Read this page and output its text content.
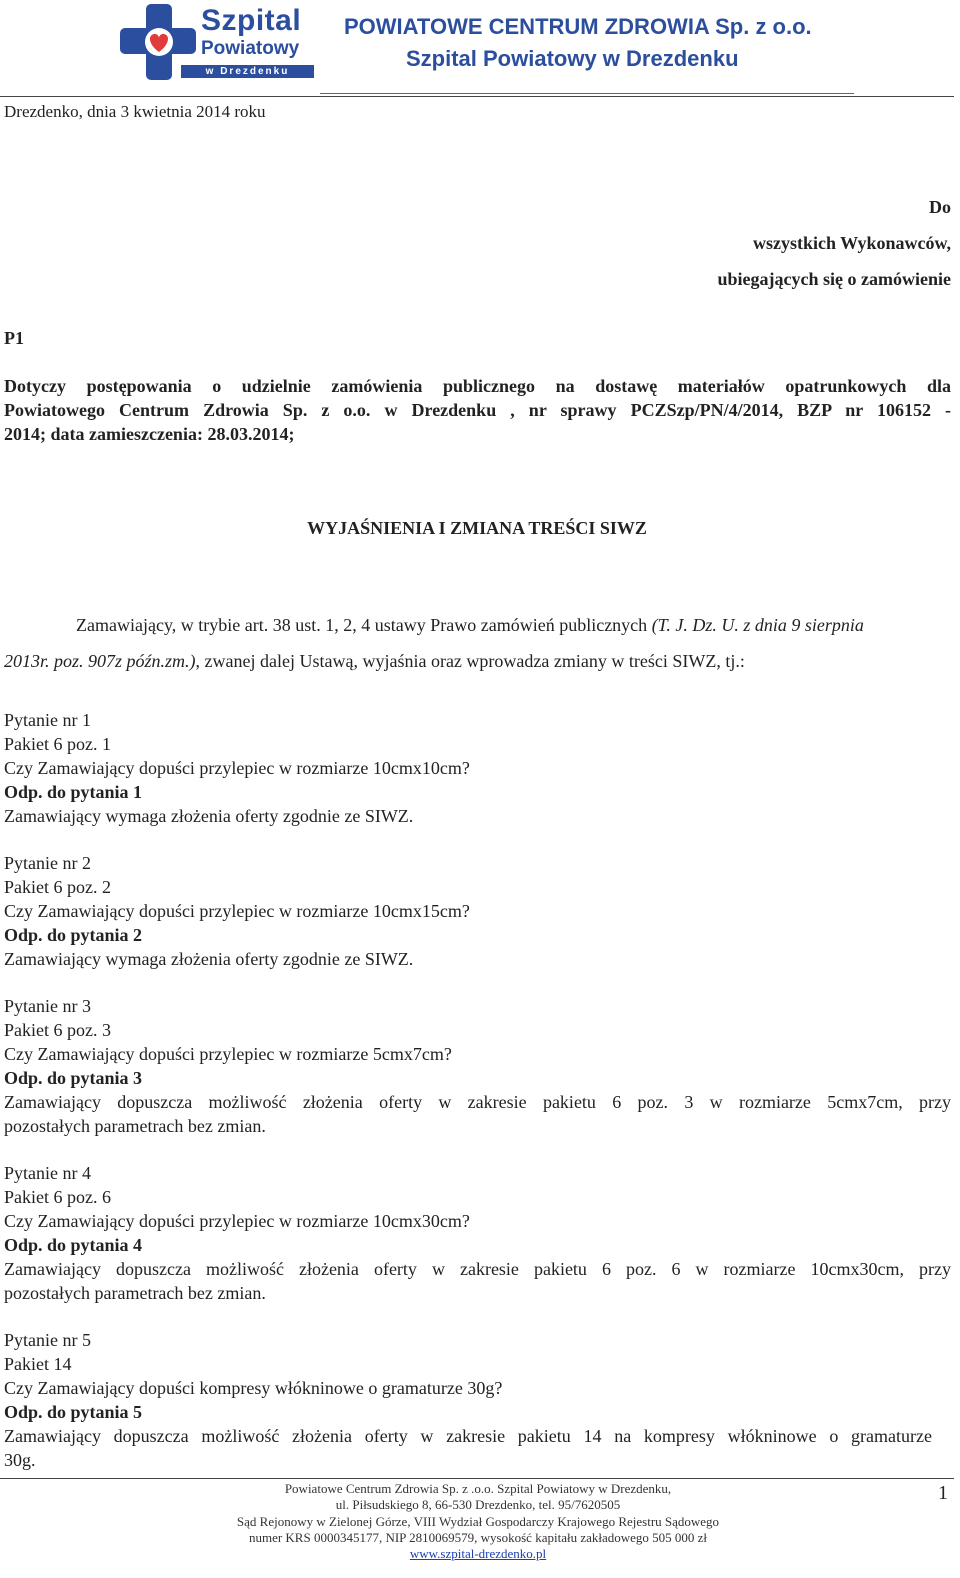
Szpital
Powiatowy
w Drezdenku
POWIATOWE CENTRUM ZDROWIA Sp. z o.o.
Szpital Powiatowy w Drezdenku
Drezdenko, dnia 3 kwietnia 2014 roku
Do
wszystkich Wykonawców,
ubiegających się o zamówienie
P1
Dotyczy postępowania o udzielnie zamówienia publicznego na dostawę materiałów opatrunkowych dla
Powiatowego Centrum Zdrowia Sp. z o.o. w Drezdenku , nr sprawy PCZSzp/PN/4/2014, BZP nr 106152 -
2014; data zamieszczenia: 28.03.2014;
WYJAŚNIENIA I ZMIANA TREŚCI SIWZ
Zamawiający, w trybie art. 38 ust. 1, 2, 4 ustawy Prawo zamówień publicznych (T. J. Dz. U. z dnia 9 sierpnia
2013r. poz. 907z późn.zm.), zwanej dalej Ustawą, wyjaśnia oraz wprowadza zmiany w treści SIWZ, tj.:
Pytanie nr 1
Pakiet 6 poz. 1
Czy Zamawiający dopuści przylepiec w rozmiarze 10cmx10cm?
Odp. do pytania 1
Zamawiający wymaga złożenia oferty zgodnie ze SIWZ.
Pytanie nr 2
Pakiet 6 poz. 2
Czy Zamawiający dopuści przylepiec w rozmiarze 10cmx15cm?
Odp. do pytania 2
Zamawiający wymaga złożenia oferty zgodnie ze SIWZ.
Pytanie nr 3
Pakiet 6 poz. 3
Czy Zamawiający dopuści przylepiec w rozmiarze 5cmx7cm?
Odp. do pytania 3
Zamawiający dopuszcza możliwość złożenia oferty w zakresie pakietu 6 poz. 3 w rozmiarze 5cmx7cm, przy
pozostałych parametrach bez zmian.
Pytanie nr 4
Pakiet 6 poz. 6
Czy Zamawiający dopuści przylepiec w rozmiarze 10cmx30cm?
Odp. do pytania 4
Zamawiający dopuszcza możliwość złożenia oferty w zakresie pakietu 6 poz. 6 w rozmiarze 10cmx30cm, przy
pozostałych parametrach bez zmian.
Pytanie nr 5
Pakiet 14
Czy Zamawiający dopuści kompresy włókninowe o gramaturze 30g?
Odp. do pytania 5
Zamawiający dopuszcza możliwość złożenia oferty w zakresie pakietu 14 na kompresy włókninowe o gramaturze
30g.
Powiatowe Centrum Zdrowia Sp. z .o.o. Szpital Powiatowy w Drezdenku,
ul. Piłsudskiego 8, 66-530 Drezdenko, tel. 95/7620505
Sąd Rejonowy w Zielonej Górze, VIII Wydział Gospodarczy Krajowego Rejestru Sądowego
numer KRS 0000345177, NIP 2810069579, wysokość kapitału zakładowego 505 000 zł
www.szpital-drezdenko.pl
1
